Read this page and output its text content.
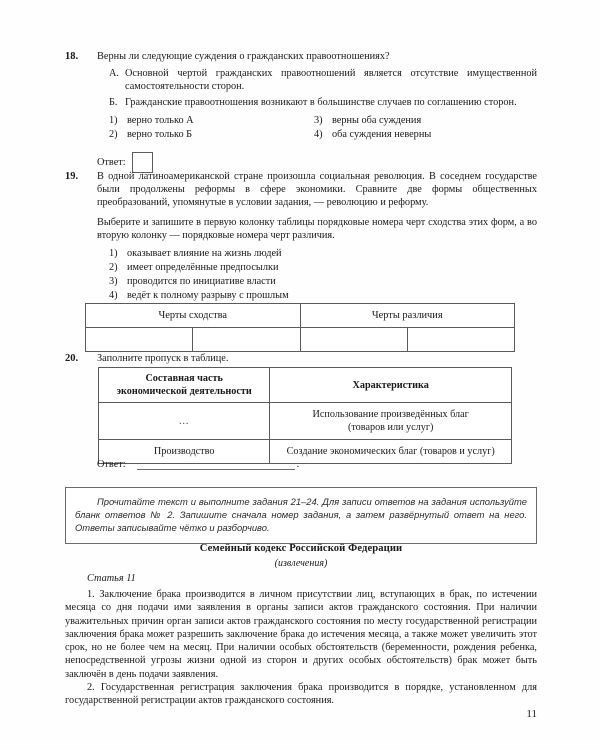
18.	Верны ли следующие суждения о гражданских правоотношениях?

А. Основной чертой гражданских правоотношений является отсутствие имущественной самостоятельности сторон.
Б. Гражданские правоотношения возникают в большинстве случаев по соглашению сторон.
1) верно только А
2) верно только Б
3) верны оба суждения
4) оба суждения неверны
Ответ:
19.	В одной латиноамериканской стране произошла социальная революция. В соседнем государстве были продолжены реформы в сфере экономики. Сравните две формы общественных преобразований, упомянутые в условии задания, — революцию и реформу.

Выберите и запишите в первую колонку таблицы порядковые номера черт сходства этих форм, а во вторую колонку — порядковые номера черт различия.

1) оказывает влияние на жизнь людей
2) имеет определённые предпосылки
3) проводится по инициативе власти
4) ведёт к полному разрыву с прошлым
Черты сходства		Черты различия	

20.	Заполните пропуск в таблице.

Составная часть
экономической деятельности	Характеристика
…	Использование произведённых благ
(товаров или услуг)
Производство	Создание экономических благ (товаров и услуг)
Ответ:	.

Прочитайте текст и выполните задания 21–24. Для записи ответов на задания используйте бланк ответов № 2. Запишите сначала номер задания, а затем развёрнутый ответ на него. Ответы записывайте чётко и разборчиво.

Семейный кодекс Российской Федерации
(извлечения)
Статья 11

1. Заключение брака производится в личном присутствии лиц, вступающих в брак, по истечении месяца со дня подачи ими заявления в органы записи актов гражданского состояния. При наличии уважительных причин орган записи актов гражданского состояния по месту государственной регистрации заключения брака может разрешить заключение брака до истечения месяца, а также может увеличить этот срок, но не более чем на месяц. При наличии особых обстоятельств (беременности, рождения ребенка, непосредственной угрозы жизни одной из сторон и других особых обстоятельств) брак может быть заключён в день подачи заявления.

2. Государственная регистрация заключения брака производится в порядке, установленном для государственной регистрации актов гражданского состояния.

11
